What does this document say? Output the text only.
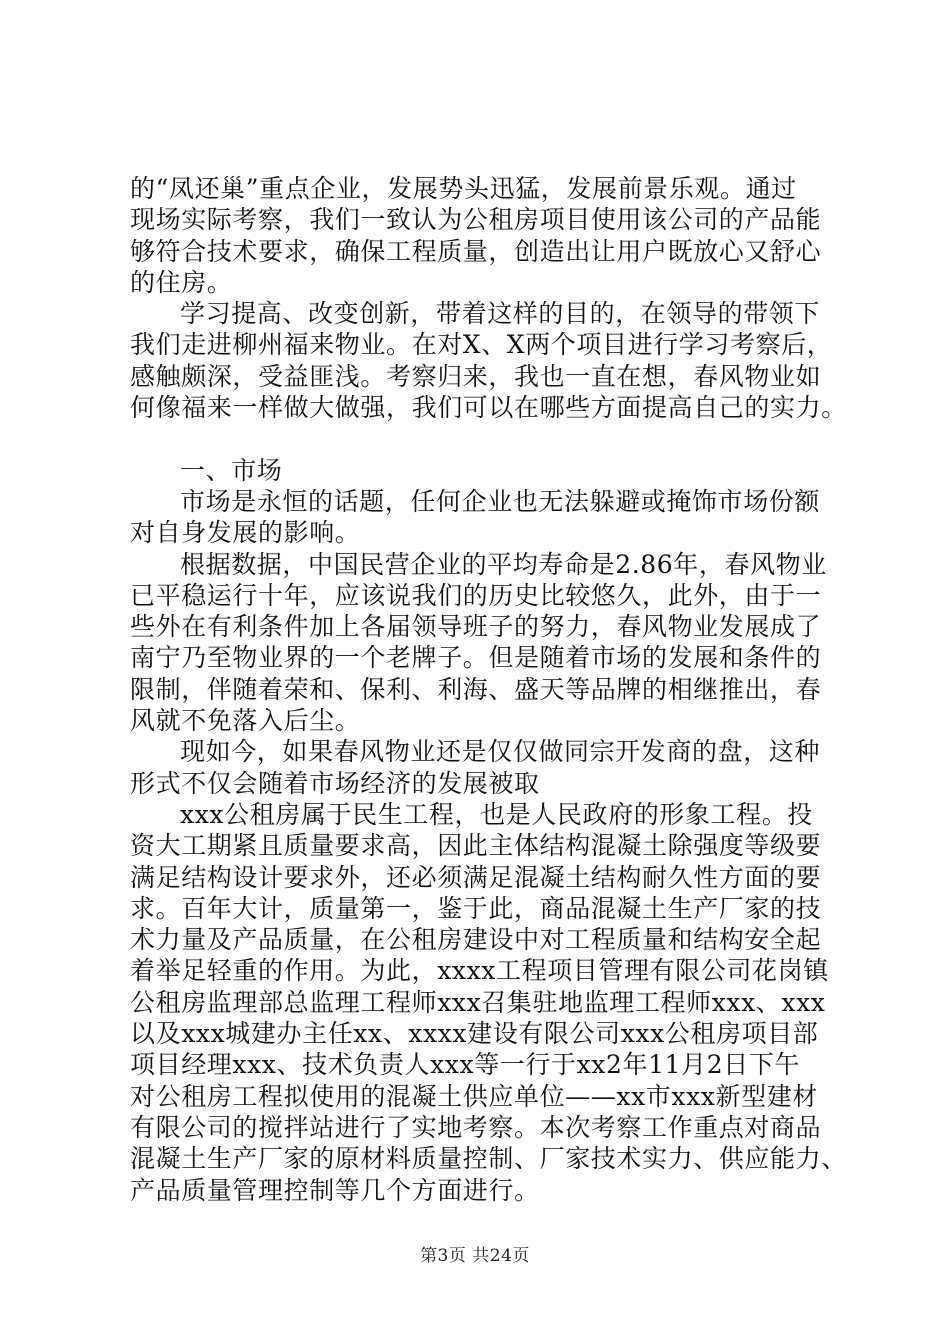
的“凤还巢”重点企业，发展势头迅猛，发展前景乐观。通过
现场实际考察，我们一致认为公租房项目使用该公司的产品能
够符合技术要求，确保工程质量，创造出让用户既放心又舒心
的住房。
学习提高、改变创新，带着这样的目的，在领导的带领下
我们走进柳州福来物业。在对X、X两个项目进行学习考察后，
感触颇深，受益匪浅。考察归来，我也一直在想，春风物业如
何像福来一样做大做强，我们可以在哪些方面提高自己的实力。
一、市场
市场是永恒的话题，任何企业也无法躲避或掩饰市场份额
对自身发展的影响。
根据数据，中国民营企业的平均寿命是2.86年，春风物业
已平稳运行十年，应该说我们的历史比较悠久，此外，由于一
些外在有利条件加上各届领导班子的努力，春风物业发展成了
南宁乃至物业界的一个老牌子。但是随着市场的发展和条件的
限制，伴随着荣和、保利、利海、盛天等品牌的相继推出，春
风就不免落入后尘。
现如今，如果春风物业还是仅仅做同宗开发商的盘，这种
形式不仅会随着市场经济的发展被取
xxx公租房属于民生工程，也是人民政府的形象工程。投
资大工期紧且质量要求高，因此主体结构混凝土除强度等级要
满足结构设计要求外，还必须满足混凝土结构耐久性方面的要
求。百年大计，质量第一，鉴于此，商品混凝土生产厂家的技
术力量及产品质量，在公租房建设中对工程质量和结构安全起
着举足轻重的作用。为此，xxxx工程项目管理有限公司花岗镇
公租房监理部总监理工程师xxx召集驻地监理工程师xxx、xxx
以及xxx城建办主任xx、xxxx建设有限公司xxx公租房项目部
项目经理xxx、技术负责人xxx等一行于xx2年11月2日下午
对公租房工程拟使用的混凝土供应单位——xx市xxx新型建材
有限公司的搅拌站进行了实地考察。本次考察工作重点对商品
混凝土生产厂家的原材料质量控制、厂家技术实力、供应能力、
产品质量管理控制等几个方面进行。
第3页 共24页
